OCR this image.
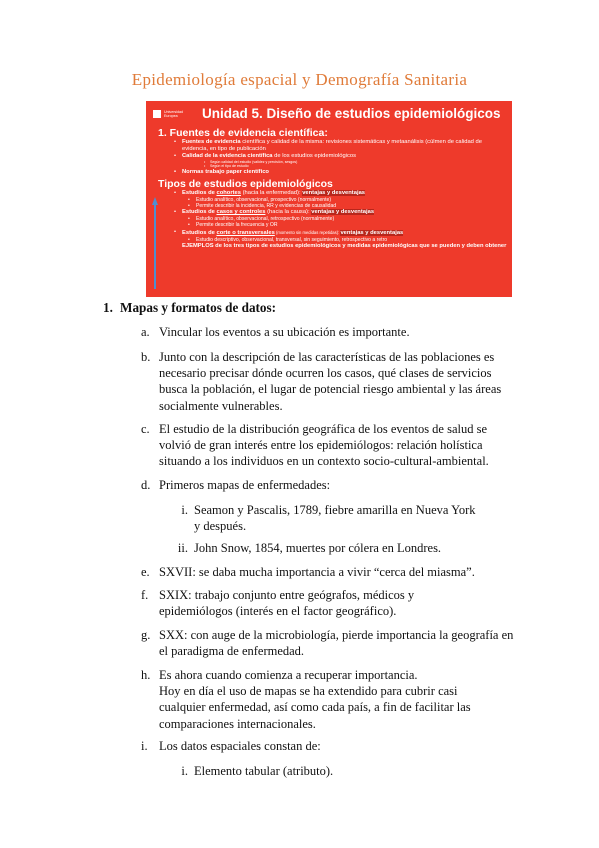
Epidemiología espacial y Demografía Sanitaria
Universidad Europea	Unidad 5. Diseño de estudios epidemiológicos
1. Fuentes de evidencia científica:
• Fuentes de evidencia científica y calidad de la misma: revisiones sistemáticas y metaanálisis (cúlmen de calidad de evidencia, en tipo de publicación
• Calidad de la evidencia científica de los estudios epidemiológicos
• Según calidad del estudio (validez y precisión, sesgos)
• Según el tipo de estudio
• Normas trabajo paper científico
Tipos de estudios epidemiológicos
• Estudios de cohortes (hacia la enfermedad): ventajas y desventajas
• Estudio analítico, observacional, prospectivo (normalmente)
• Permite describir la incidencia, RR y evidencias de causalidad
• Estudios de casos y controles (hacia la causa): ventajas y desventajas
• Estudio analítico, observacional, retrospectivo (normalmente)
• Permite describir la frecuencia y OR
• Estudios de corte o transversales (momento sin medidas repetidas): ventajas y desventajas
• Estudio descriptivo, observacional, transversal, sin seguimiento, retrospectivo a retro
EJEMPLOS de los tres tipos de estudios epidemiológicos y medidas epidemiológicas que se pueden y deben obtener
1. Mapas y formatos de datos:
a. Vincular los eventos a su ubicación es importante.
b. Junto con la descripción de las características de las poblaciones es necesario precisar dónde ocurren los casos, qué clases de servicios busca la población, el lugar de potencial riesgo ambiental y las áreas socialmente vulnerables.
c. El estudio de la distribución geográfica de los eventos de salud se volvió de gran interés entre los epidemiólogos: relación holística situando a los individuos en un contexto socio-cultural-ambiental.
d. Primeros mapas de enfermedades:
i. Seamon y Pascalis, 1789, fiebre amarilla en Nueva York y después.
ii. John Snow, 1854, muertes por cólera en Londres.
e. SXVII: se daba mucha importancia a vivir “cerca del miasma”.
f. SXIX: trabajo conjunto entre geógrafos, médicos y epidemiólogos (interés en el factor geográfico).
g. SXX: con auge de la microbiología, pierde importancia la geografía en el paradigma de enfermedad.
h. Es ahora cuando comienza a recuperar importancia.
Hoy en día el uso de mapas se ha extendido para cubrir casi cualquier enfermedad, así como cada país, a fin de facilitar las comparaciones internacionales.
i. Los datos espaciales constan de:
i. Elemento tabular (atributo).
